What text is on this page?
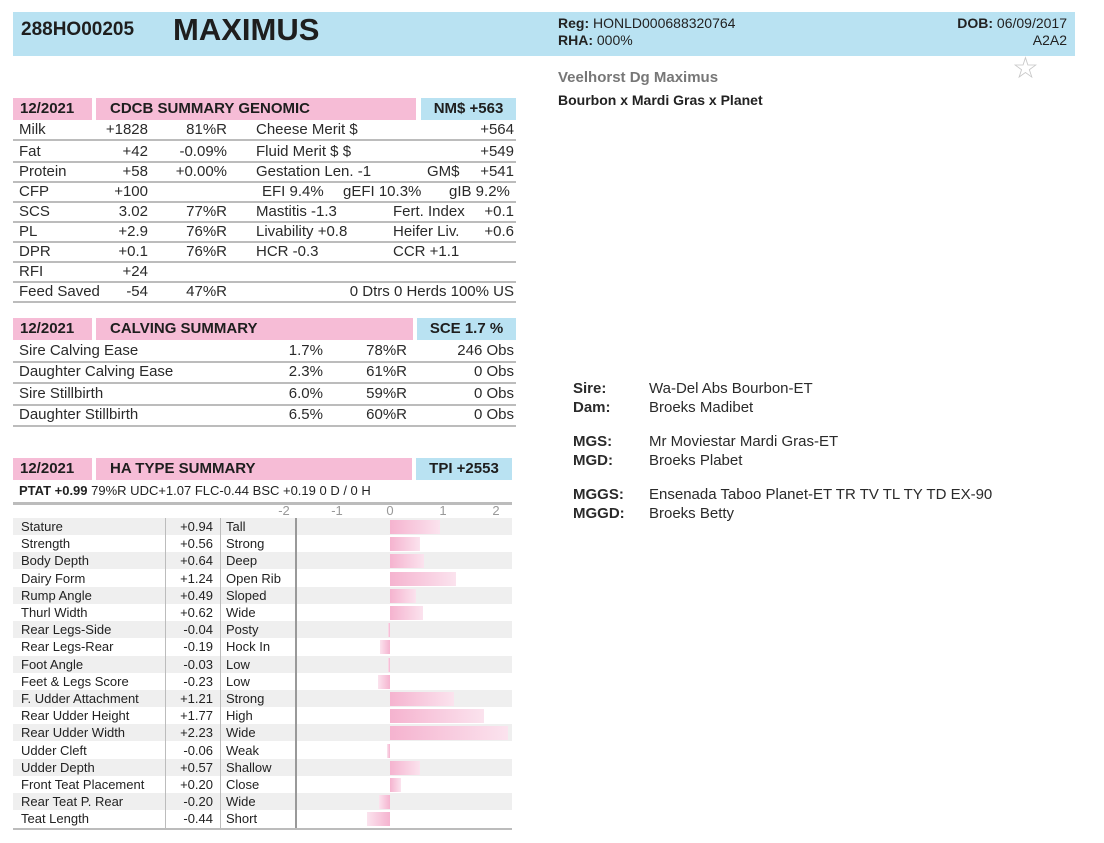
288HO00205 MAXIMUS	Reg: HONLD000688320764
RHA: 000%
DOB: 06/09/2017
A2A2
Veelhorst Dg Maximus
Bourbon x Mardi Gras x Planet
☆
12/2021	CDCB SUMMARY GENOMIC	NM$ +563
Milk	+1828	81%R Cheese Merit $	+564
Fat	+42	-0.09% Fluid Merit $ $	+549
Protein	+58	+0.00% Gestation Len. -1	GM$	+541
CFP	+100	EFI 9.4% gEFI 10.3% gIB 9.2%
SCS	3.02	77%R Mastitis -1.3	Fert. Index	+0.1
PL	+2.9	76%R Livability +0.8	Heifer Liv.	+0.6
DPR	+0.1	76%R HCR -0.3	CCR +1.1
RFI	+24
Feed Saved	-54	47%R	0 Dtrs 0 Herds 100% US
12/2021	CALVING SUMMARY	SCE 1.7 %
Sire Calving Ease	1.7%	78%R	246 Obs
Daughter Calving Ease	2.3%	61%R	0 Obs
Sire Stillbirth	6.0%	59%R	0 Obs
Daughter Stillbirth	6.5%	60%R	0 Obs
12/2021	HA TYPE SUMMARY	TPI +2553
PTAT +0.99 79%R UDC+1.07 FLC-0.44 BSC +0.19 0 D / 0 H
-2	-1	0	1	2
Stature	+0.94 Tall
Strength	+0.56 Strong
Body Depth	+0.64 Deep
Dairy Form	+1.24 Open Rib
Rump Angle	+0.49 Sloped
Thurl Width	+0.62 Wide
Rear Legs-Side	-0.04 Posty
Rear Legs-Rear	-0.19 Hock In
Foot Angle	-0.03 Low
Feet & Legs Score	-0.23 Low
F. Udder Attachment	+1.21 Strong
Rear Udder Height	+1.77 High
Rear Udder Width	+2.23 Wide
Udder Cleft	-0.06 Weak
Udder Depth	+0.57 Shallow
Front Teat Placement	+0.20 Close
Rear Teat P. Rear	-0.20 Wide
Teat Length	-0.44 Short
Sire:	Wa-Del Abs Bourbon-ET
Dam:	Broeks Madibet
MGS: Mr Moviestar Mardi Gras-ET
MGD: Broeks Plabet
MGGS: Ensenada Taboo Planet-ET TR TV TL TY TD EX-90
MGGD: Broeks Betty
